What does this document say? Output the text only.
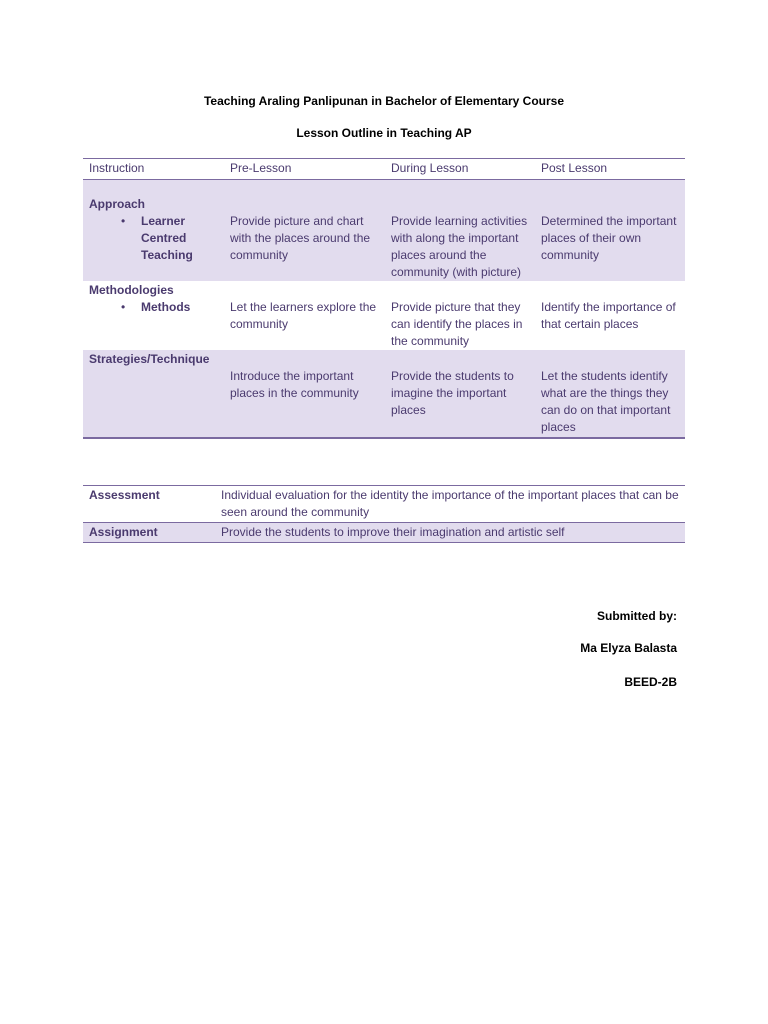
Teaching Araling Panlipunan in Bachelor of Elementary Course
Lesson Outline in Teaching AP
Instruction	Pre-Lesson	During Lesson	Post Lesson

Approach
• Learner Centred Teaching	Provide picture and chart with the places around the community	Provide learning activities with along the important places around the community (with picture)	Determined the important places of their own community

Methodologies
• Methods	Let the learners explore the community	Provide picture that they can identify the places in the community	Identify the importance of that certain places

Strategies/Technique	Introduce the important places in the community	Provide the students to imagine the important places	Let the students identify what are the things they can do on that important places
Assessment	Individual evaluation for the identity the importance of the important places that can be seen around the community
Assignment	Provide the students to improve their imagination and artistic self
Submitted by:
Ma Elyza Balasta
BEED-2B
